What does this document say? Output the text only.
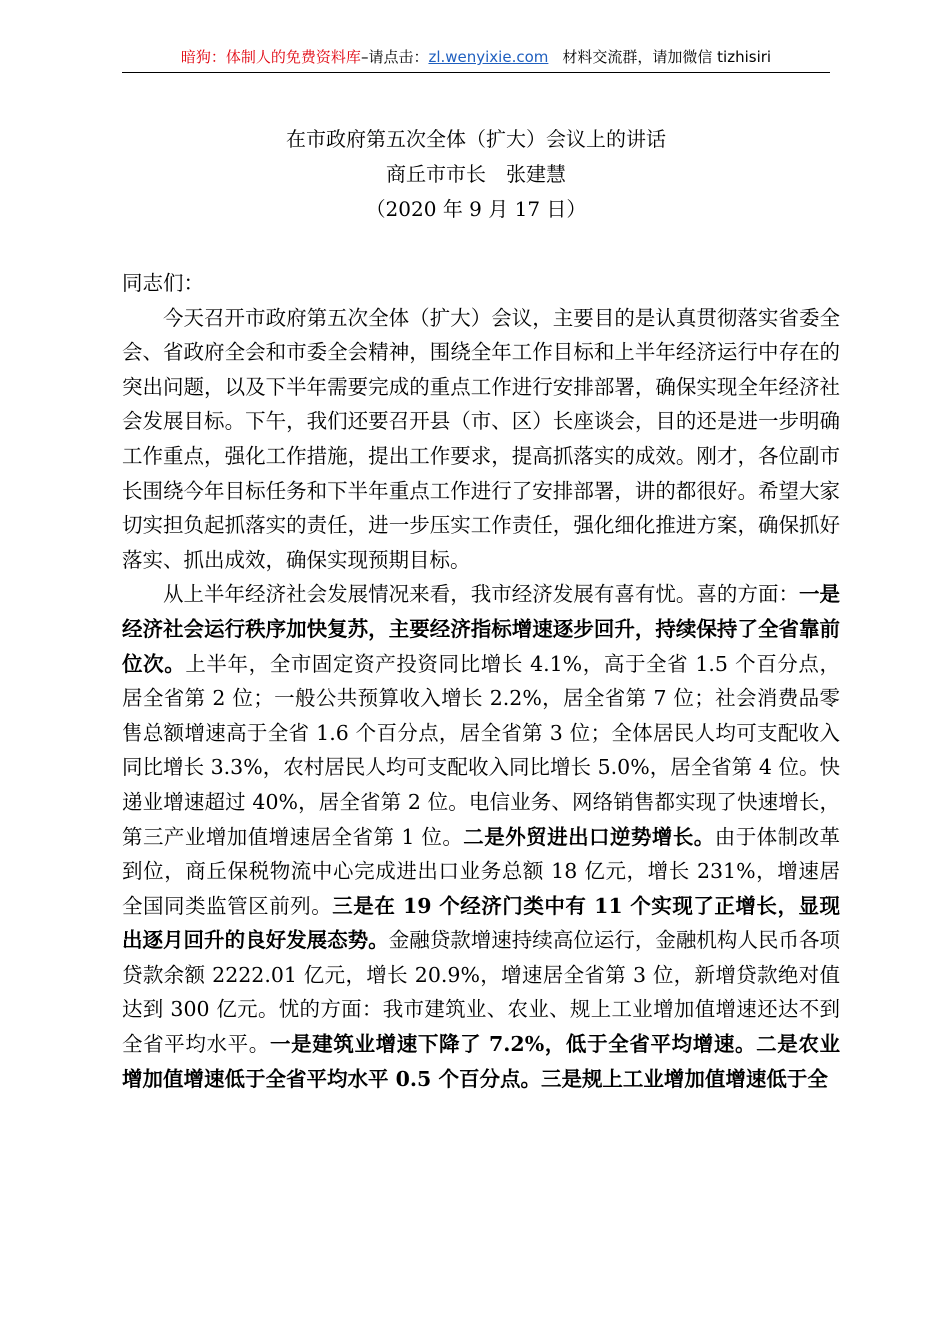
暗狗：体制人的免费资料库–请点击：zl.wenyixie.com 材料交流群，请加微信 tizhisiri
在市政府第五次全体（扩大）会议上的讲话
商丘市市长　张建慧
（2020 年 9 月 17 日）

同志们：

今天召开市政府第五次全体（扩大）会议，主要目的是认真贯彻落实省委全会、省政府全会和市委全会精神，围绕全年工作目标和上半年经济运行中存在的突出问题，以及下半年需要完成的重点工作进行安排部署，确保实现全年经济社会发展目标。下午，我们还要召开县（市、区）长座谈会，目的还是进一步明确工作重点，强化工作措施，提出工作要求，提高抓落实的成效。刚才，各位副市长围绕今年目标任务和下半年重点工作进行了安排部署，讲的都很好。希望大家切实担负起抓落实的责任，进一步压实工作责任，强化细化推进方案，确保抓好落实、抓出成效，确保实现预期目标。

从上半年经济社会发展情况来看，我市经济发展有喜有忧。喜的方面：一是经济社会运行秩序加快复苏，主要经济指标增速逐步回升，持续保持了全省靠前位次。上半年，全市固定资产投资同比增长 4.1%，高于全省 1.5 个百分点，居全省第 2 位；一般公共预算收入增长 2.2%，居全省第 7 位；社会消费品零售总额增速高于全省 1.6 个百分点，居全省第 3 位；全体居民人均可支配收入同比增长 3.3%，农村居民人均可支配收入同比增长 5.0%，居全省第 4 位。快递业增速超过 40%，居全省第 2 位。电信业务、网络销售都实现了快速增长，第三产业增加值增速居全省第 1 位。二是外贸进出口逆势增长。由于体制改革到位，商丘保税物流中心完成进出口业务总额 18 亿元，增长 231%，增速居全国同类监管区前列。三是在 19 个经济门类中有 11 个实现了正增长，显现出逐月回升的良好发展态势。金融贷款增速持续高位运行，金融机构人民币各项贷款余额 2222.01 亿元，增长 20.9%，增速居全省第 3 位，新增贷款绝对值达到 300 亿元。忧的方面：我市建筑业、农业、规上工业增加值增速还达不到全省平均水平。一是建筑业增速下降了 7.2%，低于全省平均增速。二是农业增加值增速低于全省平均水平 0.5 个百分点。三是规上工业增加值增速低于全
